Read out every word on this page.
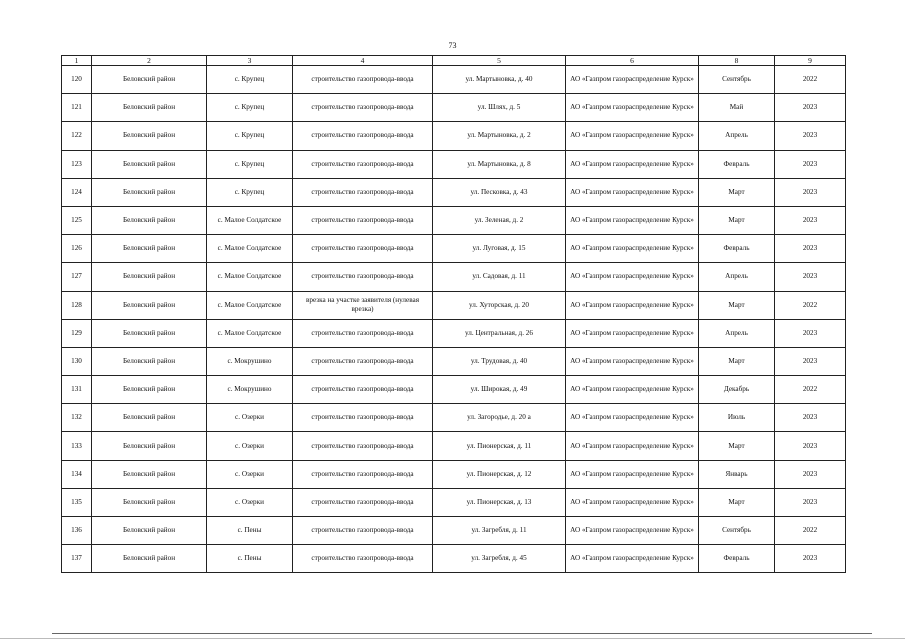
73
1	2	3	4	5	6	8	9
120	Беловский район	с. Крупец	строительство газопровода-ввода	ул. Мартыновка, д. 40	АО «Газпром газораспределение Курск»	Сентябрь	2022
121	Беловский район	с. Крупец	строительство газопровода-ввода	ул. Шлях, д. 5	АО «Газпром газораспределение Курск»	Май	2023
122	Беловский район	с. Крупец	строительство газопровода-ввода	ул. Мартыновка, д. 2	АО «Газпром газораспределение Курск»	Апрель	2023
123	Беловский район	с. Крупец	строительство газопровода-ввода	ул. Мартыновка, д. 8	АО «Газпром газораспределение Курск»	Февраль	2023
124	Беловский район	с. Крупец	строительство газопровода-ввода	ул. Песковка, д. 43	АО «Газпром газораспределение Курск»	Март	2023
125	Беловский район	с. Малое Солдатское	строительство газопровода-ввода	ул. Зеленая, д. 2	АО «Газпром газораспределение Курск»	Март	2023
126	Беловский район	с. Малое Солдатское	строительство газопровода-ввода	ул. Луговая, д. 15	АО «Газпром газораспределение Курск»	Февраль	2023
127	Беловский район	с. Малое Солдатское	строительство газопровода-ввода	ул. Садовая, д. 11	АО «Газпром газораспределение Курск»	Апрель	2023
128	Беловский район	с. Малое Солдатское	врезка на участке заявителя (нулевая врезка)	ул. Хуторская, д. 20	АО «Газпром газораспределение Курск»	Март	2022
129	Беловский район	с. Малое Солдатское	строительство газопровода-ввода	ул. Центральная, д. 26	АО «Газпром газораспределение Курск»	Апрель	2023
130	Беловский район	с. Мокрушино	строительство газопровода-ввода	ул. Трудовая, д. 40	АО «Газпром газораспределение Курск»	Март	2023
131	Беловский район	с. Мокрушино	строительство газопровода-ввода	ул. Широкая, д. 49	АО «Газпром газораспределение Курск»	Декабрь	2022
132	Беловский район	с. Озерки	строительство газопровода-ввода	ул. Загородье, д. 20 а	АО «Газпром газораспределение Курск»	Июль	2023
133	Беловский район	с. Озерки	строительство газопровода-ввода	ул. Пионерская, д. 11	АО «Газпром газораспределение Курск»	Март	2023
134	Беловский район	с. Озерки	строительство газопровода-ввода	ул. Пионерская, д. 12	АО «Газпром газораспределение Курск»	Январь	2023
135	Беловский район	с. Озерки	строительство газопровода-ввода	ул. Пионерская, д. 13	АО «Газпром газораспределение Курск»	Март	2023
136	Беловский район	с. Пены	строительство газопровода-ввода	ул. Загребля, д. 11	АО «Газпром газораспределение Курск»	Сентябрь	2022
137	Беловский район	с. Пены	строительство газопровода-ввода	ул. Загребля, д. 45	АО «Газпром газораспределение Курск»	Февраль	2023
